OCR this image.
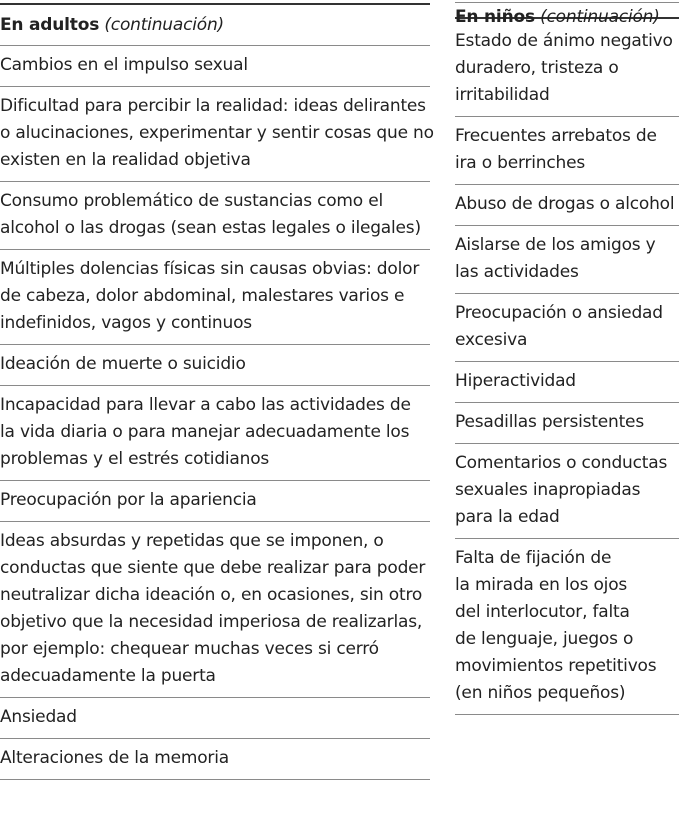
En adultos (continuación)
Cambios en el impulso sexual
Dificultad para percibir la realidad: ideas delirantes
o alucinaciones, experimentar y sentir cosas que no
existen en la realidad objetiva
Consumo problemático de sustancias como el
alcohol o las drogas (sean estas legales o ilegales)
Múltiples dolencias físicas sin causas obvias: dolor
de cabeza, dolor abdominal, malestares varios e
indefinidos, vagos y continuos
Ideación de muerte o suicidio
Incapacidad para llevar a cabo las actividades de
la vida diaria o para manejar adecuadamente los
problemas y el estrés cotidianos
Preocupación por la apariencia
Ideas absurdas y repetidas que se imponen, o
conductas que siente que debe realizar para poder
neutralizar dicha ideación o, en ocasiones, sin otro
objetivo que la necesidad imperiosa de realizarlas,
por ejemplo: chequear muchas veces si cerró
adecuadamente la puerta
Ansiedad
Alteraciones de la memoria
En niños (continuación)
Estado de ánimo negativo
duradero, tristeza o
irritabilidad
Frecuentes arrebatos de
ira o berrinches
Abuso de drogas o alcohol
Aislarse de los amigos y
las actividades
Preocupación o ansiedad
excesiva
Hiperactividad
Pesadillas persistentes
Comentarios o conductas
sexuales inapropiadas
para la edad
Falta de fijación de
la mirada en los ojos
del interlocutor, falta
de lenguaje, juegos o
movimientos repetitivos
(en niños pequeños)
